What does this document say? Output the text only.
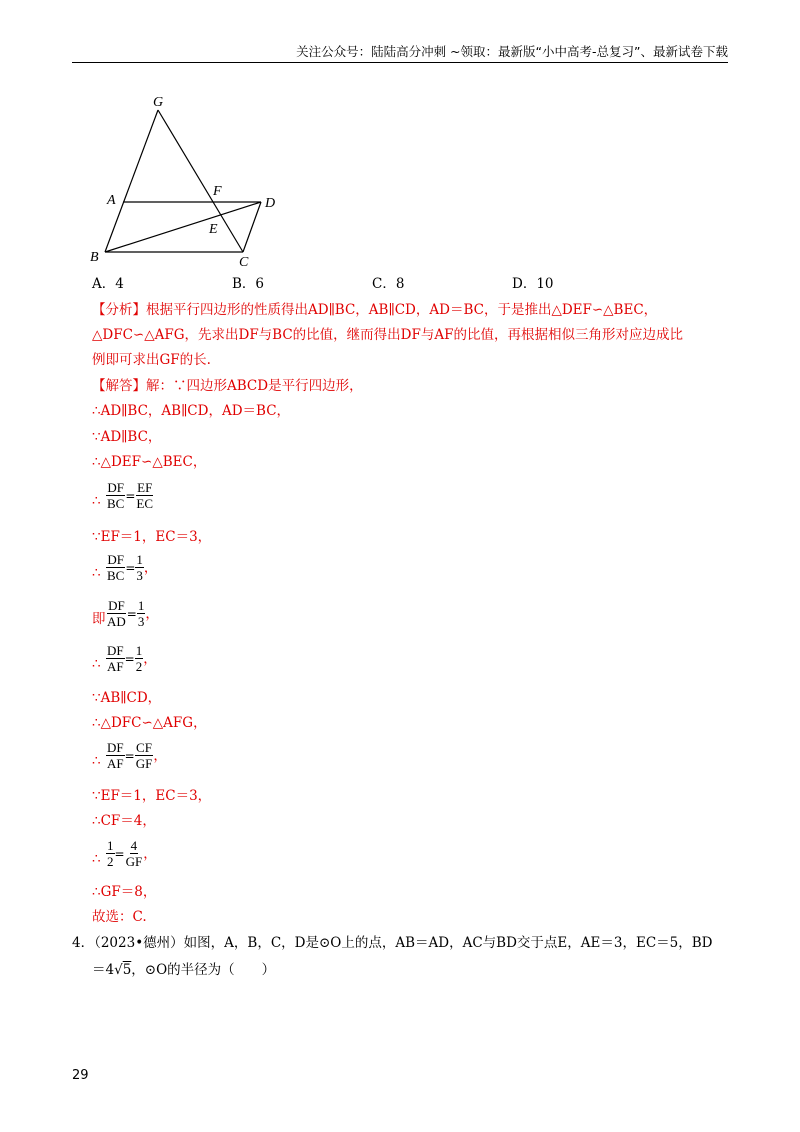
关注公众号：陆陆高分冲刺 ~领取：最新版“小中高考-总复习”、最新试卷下载
G
A
F
D
E
B	C
A．4	B．6	C．8	D．10
【分析】根据平行四边形的性质得出AD∥BC，AB∥CD，AD＝BC，于是推出△DEF∽△BEC，
△DFC∽△AFG，先求出DF与BC的比值，继而得出DF与AF的比值，再根据相似三角形对应边成比
例即可求出GF的长.
【解答】解：∵四边形ABCD是平行四边形，
∴AD∥BC，AB∥CD，AD＝BC，
∵AD∥BC，
∴△DEF∽△BEC，
∴ $\frac{DF}{BC} = \frac{EF}{EC}$
∵EF＝1，EC＝3，
∴ $\frac{DF}{BC} = \frac{1}{3}$ ，
即 $\frac{DF}{AD} = \frac{1}{3}$ ，
∴ $\frac{DF}{AF} = \frac{1}{2}$ ，
∵AB∥CD，
∴△DFC∽△AFG，
∴ $\frac{DF}{AF} = \frac{CF}{GF}$ ，
∵EF＝1，EC＝3，
∴CF＝4，
∴ $\frac{1}{2} = \frac{4}{GF}$ ，
∴GF＝8，
故选：C.
4．（2023•德州）如图，A，B，C，D是⊙O上的点，AB＝AD，AC与BD交于点E，AE＝3，EC＝5，BD
＝4√5，⊙O的半径为（　　）
29
